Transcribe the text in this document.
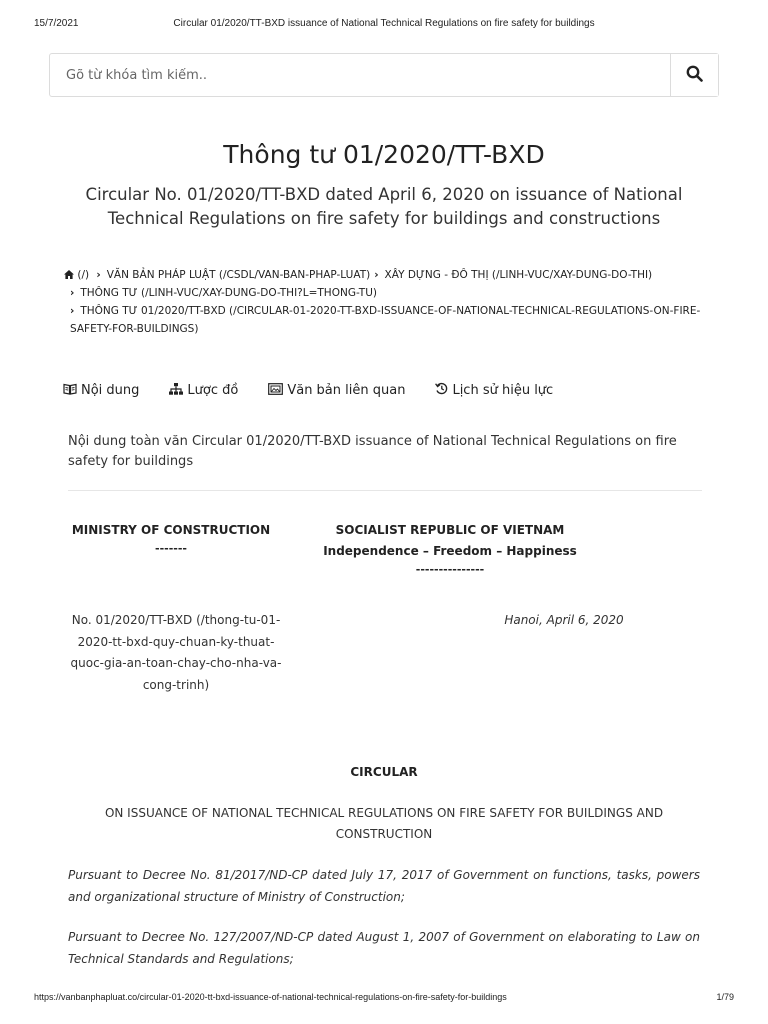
15/7/2021	Circular 01/2020/TT-BXD issuance of National Technical Regulations on fire safety for buildings
Gõ từ khóa tìm kiếm..
Thông tư 01/2020/TT-BXD

Circular No. 01/2020/TT-BXD dated April 6, 2020 on issuance of National Technical Regulations on fire safety for buildings and constructions

(/) › VĂN BẢN PHÁP LUẬT (/CSDL/VAN-BAN-PHAP-LUAT) › XÂY DỰNG - ĐÔ THỊ (/LINH-VUC/XAY-DUNG-DO-THI)
› THÔNG TƯ (/LINH-VUC/XAY-DUNG-DO-THI?L=THONG-TU)
› THÔNG TƯ 01/2020/TT-BXD (/CIRCULAR-01-2020-TT-BXD-ISSUANCE-OF-NATIONAL-TECHNICAL-REGULATIONS-ON-FIRE-SAFETY-FOR-BUILDINGS)
Nội dung	Lược đồ	Văn bản liên quan	Lịch sử hiệu lực

Nội dung toàn văn Circular 01/2020/TT-BXD issuance of National Technical Regulations on fire safety for buildings

MINISTRY OF CONSTRUCTION
-------
SOCIALIST REPUBLIC OF VIETNAM
Independence – Freedom – Happiness
---------------
No. 01/2020/TT-BXD (/thong-tu-01-2020-tt-bxd-quy-chuan-ky-thuat-quoc-gia-an-toan-chay-cho-nha-va-cong-trinh)
Hanoi, April 6, 2020
CIRCULAR
ON ISSUANCE OF NATIONAL TECHNICAL REGULATIONS ON FIRE SAFETY FOR BUILDINGS AND CONSTRUCTION

Pursuant to Decree No. 81/2017/ND-CP dated July 17, 2017 of Government on functions, tasks, powers and organizational structure of Ministry of Construction;

Pursuant to Decree No. 127/2007/ND-CP dated August 1, 2007 of Government on elaborating to Law on Technical Standards and Regulations;

https://vanbanphapluat.co/circular-01-2020-tt-bxd-issuance-of-national-technical-regulations-on-fire-safety-for-buildings	1/79
